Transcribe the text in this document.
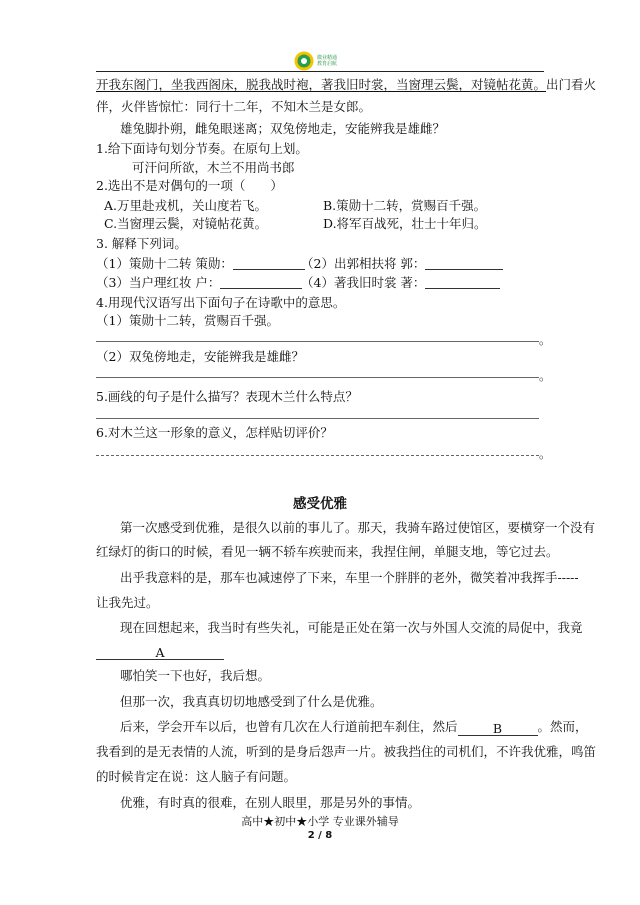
微业精通
教育启航
开我东阁门，坐我西阁床，脱我战时袍，著我旧时裳，当窗理云鬓，对镜帖花黄。出门看火
伴，火伴皆惊忙：同行十二年，不知木兰是女郎。
雄兔脚扑朔，雌兔眼迷离；双兔傍地走，安能辨我是雄雌？
1.给下面诗句划分节奏。在原句上划。
可汗问所欲，木兰不用尚书郎
2.选出不是对偶句的一项（　　）
A.万里赴戎机，关山度若飞。	B.策勋十二转，赏赐百千强。
C.当窗理云鬓，对镜帖花黄。	D.将军百战死，壮士十年归。
3. 解释下列词。
（1）策勋十二转 策勋：	（2）出郭相扶将 郭：
（3）当户理红妆 户：	（4）著我旧时裳 著：
4.用现代汉语写出下面句子在诗歌中的意思。
（1）策勋十二转，赏赐百千强。
。
（2）双兔傍地走，安能辨我是雄雌？
。
5.画线的句子是什么描写？表现木兰什么特点？
6.对木兰这一形象的意义，怎样贴切评价？
。
感受优雅
第一次感受到优雅，是很久以前的事儿了。那天，我骑车路过使馆区，要横穿一个没有
红绿灯的街口的时候，看见一辆不轿车疾驶而来，我捏住闸，单腿支地，等它过去。
出乎我意料的是，那车也减速停了下来，车里一个胖胖的老外，微笑着冲我挥手-----
让我先过。
现在回想起来，我当时有些失礼，可能是正处在第一次与外国人交流的局促中，我竟
A
哪怕笑一下也好，我后想。
但那一次，我真真切切地感受到了什么是优雅。
后来，学会开车以后，也曾有几次在人行道前把车刹住，然后	B	。然而，
我看到的是无表情的人流，听到的是身后怨声一片。被我挡住的司机们，不许我优雅，鸣笛
的时候肯定在说：这人脑子有问题。
优雅，有时真的很难，在别人眼里，那是另外的事情。
高中★初中★小学 专业课外辅导
2 / 8
